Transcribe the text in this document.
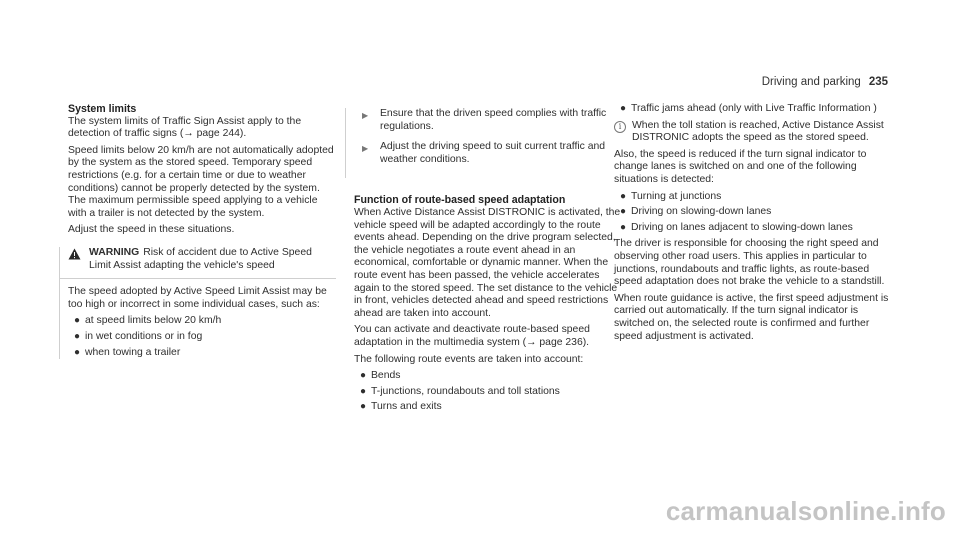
Driving and parking 235
System limits

The system limits of Traffic Sign Assist apply to the detection of traffic signs (→ page 244).

Speed limits below 20 km/h are not automatically adopted by the system as the stored speed. Temporary speed restrictions (e.g. for a certain time or due to weather conditions) cannot be properly detected by the system. The maximum permissible speed applying to a vehicle with a trailer is not detected by the system.

Adjust the speed in these situations.

WARNING Risk of accident due to Active Speed Limit Assist adapting the vehicle's speed

The speed adopted by Active Speed Limit Assist may be too high or incorrect in some individual cases, such as:

● at speed limits below 20 km/h
● in wet conditions or in fog
● when towing a trailer
▶ Ensure that the driven speed complies with traffic regulations.
▶ Adjust the driving speed to suit current traffic and weather conditions.
Function of route-based speed adaptation

When Active Distance Assist DISTRONIC is activated, the vehicle speed will be adapted accordingly to the route events ahead. Depending on the drive program selected, the vehicle negotiates a route event ahead in an economical, comfortable or dynamic manner. When the route event has been passed, the vehicle accelerates again to the stored speed. The set distance to the vehicle in front, vehicles detected ahead and speed restrictions ahead are taken into account.

You can activate and deactivate route-based speed adaptation in the multimedia system (→ page 236).

The following route events are taken into account:

● Bends
● T-junctions, roundabouts and toll stations
● Turns and exits
● Traffic jams ahead (only with Live Traffic Information )
i	When the toll station is reached, Active Distance Assist DISTRONIC adopts the speed as the stored speed.

Also, the speed is reduced if the turn signal indicator to change lanes is switched on and one of the following situations is detected:

● Turning at junctions
● Driving on slowing-down lanes
● Driving on lanes adjacent to slowing-down lanes

The driver is responsible for choosing the right speed and observing other road users. This applies in particular to junctions, roundabouts and traffic lights, as route-based speed adaptation does not brake the vehicle to a standstill.

When route guidance is active, the first speed adjustment is carried out automatically. If the turn signal indicator is switched on, the selected route is confirmed and further speed adjustment is activated.

carmanualsonline.info
